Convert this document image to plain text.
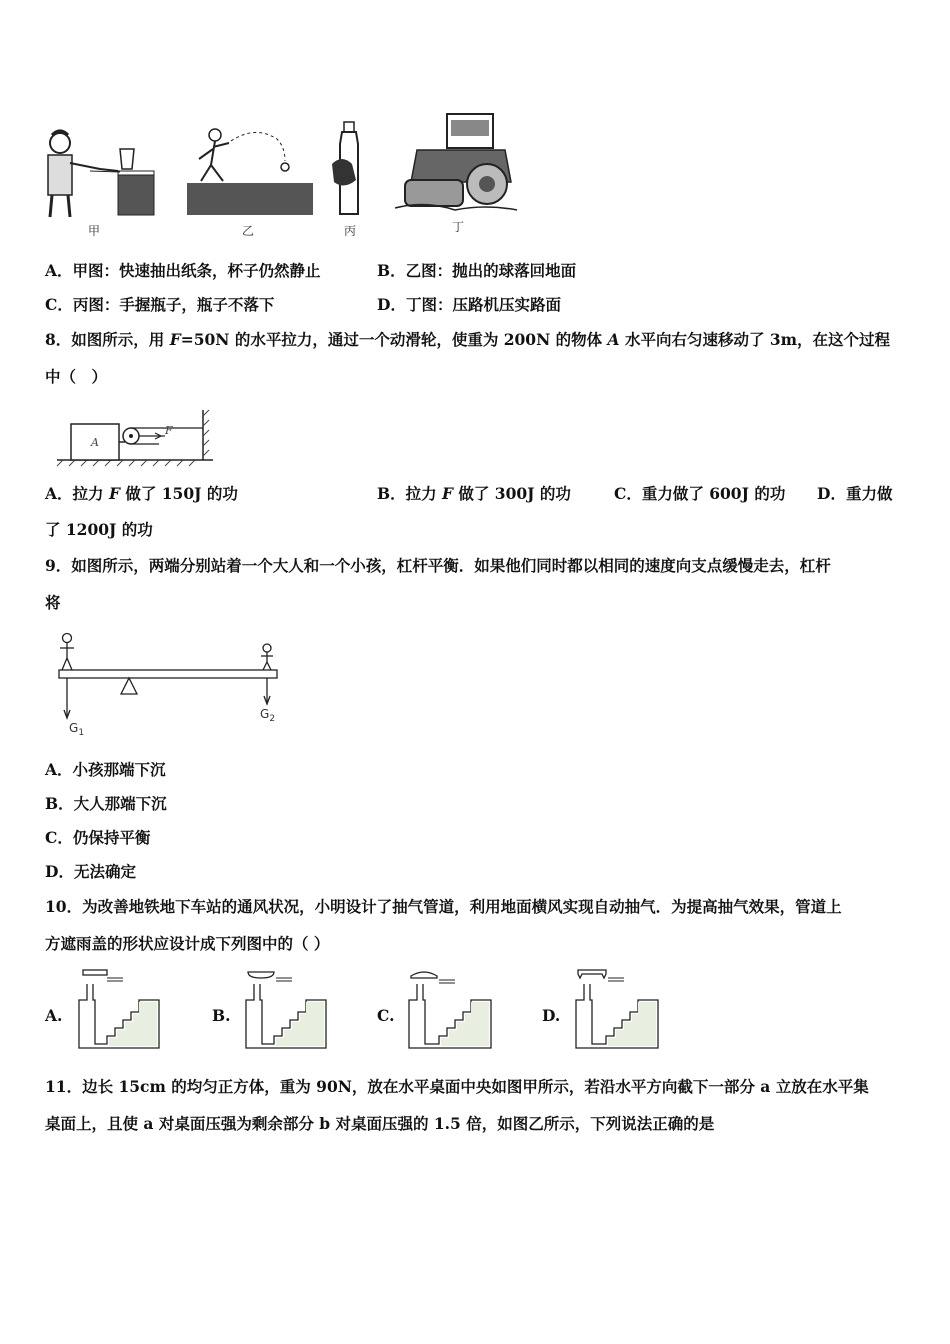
甲	乙	丙	丁
A．甲图：快速抽出纸条，杯子仍然静止	B．乙图：抛出的球落回地面
C．丙图：手握瓶子，瓶子不落下	D．丁图：压路机压实路面
8．如图所示，用 F=50N 的水平拉力，通过一个动滑轮，使重为 200N 的物体 A 水平向右匀速移动了 3m，在这个过程
中（　）
A
F
A．拉力 F 做了 150J 的功	B．拉力 F 做了 300J 的功	C．重力做了 600J 的功 D．重力做
了 1200J 的功
9．如图所示，两端分别站着一个大人和一个小孩，杠杆平衡．如果他们同时都以相同的速度向支点缓慢走去，杠杆
将
$G_1$
$G_2$
A．小孩那端下沉
B．大人那端下沉
C．仍保持平衡
D．无法确定
10．为改善地铁地下车站的通风状况，小明设计了抽气管道，利用地面横风实现自动抽气．为提高抽气效果，管道上
方遮雨盖的形状应设计成下列图中的（ ）
A.	B.	C.	D.
11．边长 15cm 的均匀正方体，重为 90N，放在水平桌面中央如图甲所示，若沿水平方向截下一部分 a 立放在水平集
桌面上，且使 a 对桌面压强为剩余部分 b 对桌面压强的 1.5 倍，如图乙所示，下列说法正确的是
